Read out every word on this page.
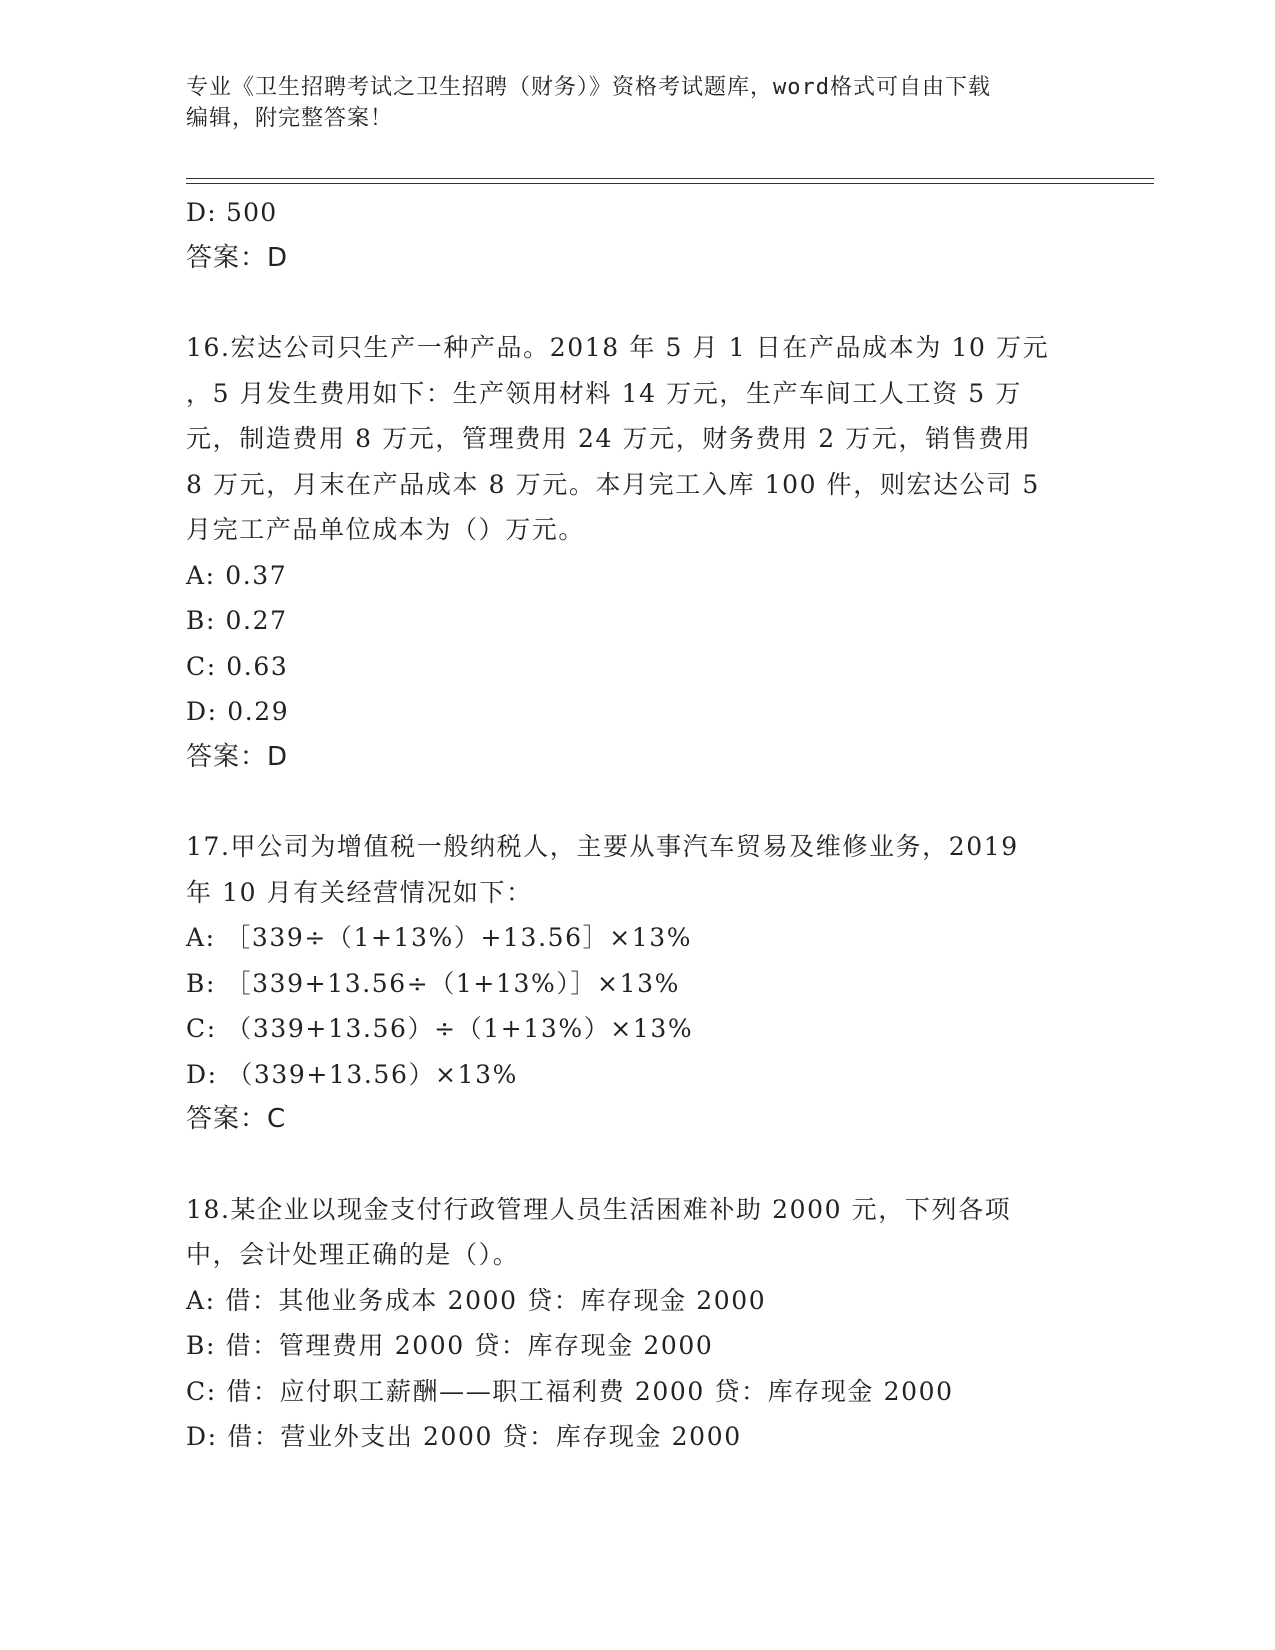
专业《卫生招聘考试之卫生招聘（财务）》资格考试题库，word格式可自由下载
编辑，附完整答案！
D: 500
答案：D
16.宏达公司只生产一种产品。2018 年 5 月 1 日在产品成本为 10 万元
，5 月发生费用如下：生产领用材料 14 万元，生产车间工人工资 5 万
元，制造费用 8 万元，管理费用 24 万元，财务费用 2 万元，销售费用
8 万元，月末在产品成本 8 万元。本月完工入库 100 件，则宏达公司 5
月完工产品单位成本为（）万元。
A: 0.37
B: 0.27
C: 0.63
D: 0.29
答案：D
17.甲公司为增值税一般纳税人，主要从事汽车贸易及维修业务，2019
年 10 月有关经营情况如下：
A: ［339÷（1+13%）+13.56］×13%
B: ［339+13.56÷（1+13%）］×13%
C: （339+13.56）÷（1+13%）×13%
D: （339+13.56）×13%
答案：C
18.某企业以现金支付行政管理人员生活困难补助 2000 元，下列各项
中，会计处理正确的是（）。
A: 借：其他业务成本 2000 贷：库存现金 2000
B: 借：管理费用 2000 贷：库存现金 2000
C: 借：应付职工薪酬——职工福利费 2000 贷：库存现金 2000
D: 借：营业外支出 2000 贷：库存现金 2000
